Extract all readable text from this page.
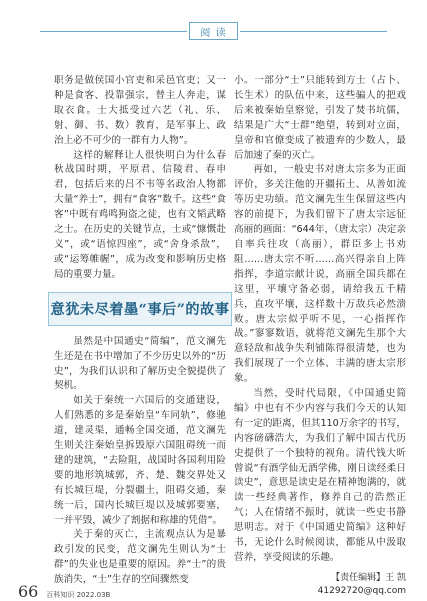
阅 读

职务是做侯国小官吏和采邑官吏；又一种是食客、投靠强宗，替主人奔走，谋取衣食。士大抵受过六艺（礼、乐、射、御、书、数）教育，是军事上、政治上必不可少的一群有力人物”。

这样的解释让人很快明白为什么春秋战国时期，平原君、信陵君、春申君，包括后来的吕不韦等名政治人物都大量“养士”，拥有“食客”数千。这些“食客”中既有鸡鸣狗盗之徒，也有文韬武略之士。在历史的关键节点，士或“慷慨赴义”，或“语惊四座”，或“舍身杀敌”，或“运筹帷幄”，成为改变和影响历史格局的重要力量。

意犹未尽着墨“事后”的故事

虽然是中国通史“简编”，范文澜先生还是在书中增加了不少历史以外的“历史”，为我们认识和了解历史全貌提供了契机。

如关于秦统一六国后的交通建设，人们熟悉的多是秦始皇“车同轨”，修驰道，建灵渠，通畅全国交通，范文澜先生则关注秦始皇拆毁原六国阻碍统一而建的建筑，“去险阻，战国时各国利用险要的地形筑城郭，齐、楚、魏交界处又有长城巨堤，分裂疆土，阻碍交通，秦统一后，国内长城巨堤以及城郭要塞，一并平毁，减少了割据和称雄的凭借”。

关于秦的灭亡，主流观点认为是暴政引发的民变，范文澜先生则认为“士群”的失业也是重要的原因。养“士”的贵族消失，“士”生存的空间骤然变

小。一部分“士”只能转到方士（占卜、长生术）的队伍中来，这些骗人的把戏后来被秦始皇察觉，引发了焚书坑儒，结果是广大“士群”绝望，转到对立面，皇帝和官僚变成了被遗弃的少数人，最后加速了秦的灭亡。

再如，一般史书对唐太宗多为正面评价，多关注他的开疆拓土、从善如流等历史功绩。范文澜先生生保留这些内容的前提下，为我们留下了唐太宗远征高丽的画面：“644年，（唐太宗）决定亲自率兵往攻（高丽），群臣多上书劝阻……唐太宗不听……高兴得亲自上阵指挥，李道宗献计说，高丽全国兵都在这里，平壤守备必弱，请给我五千精兵，直攻平壤，这样数十万敌兵必然溃败。唐太宗似乎听不见，一心指挥作战。”寥寥数语，就将范文澜先生那个大意轻敌和战争失利铺陈得很清楚，也为我们展现了一个立体、丰满的唐太宗形象。

当然，受时代局限，《中国通史简编》中也有不少内容与我们今天的认知有一定的距离，但其110万余字的书写，内容磅礴浩大，为我们了解中国古代历史提供了一个独特的视角。清代钱大昕曾说“有酒学仙无酒学佛，刚日读经柔日读史”，意思是读史是在精神饱满的，就读一些经典著作，修养自己的浩然正气；人在情绪不振时，就读一些史书静思明志。对于《中国通史简编》这种好书，无论什么时候阅读，都能从中汲取营养，享受阅读的乐趣。

【责任编辑】王 凯
41292720@qq.com
66 百科知识 2022.03B
